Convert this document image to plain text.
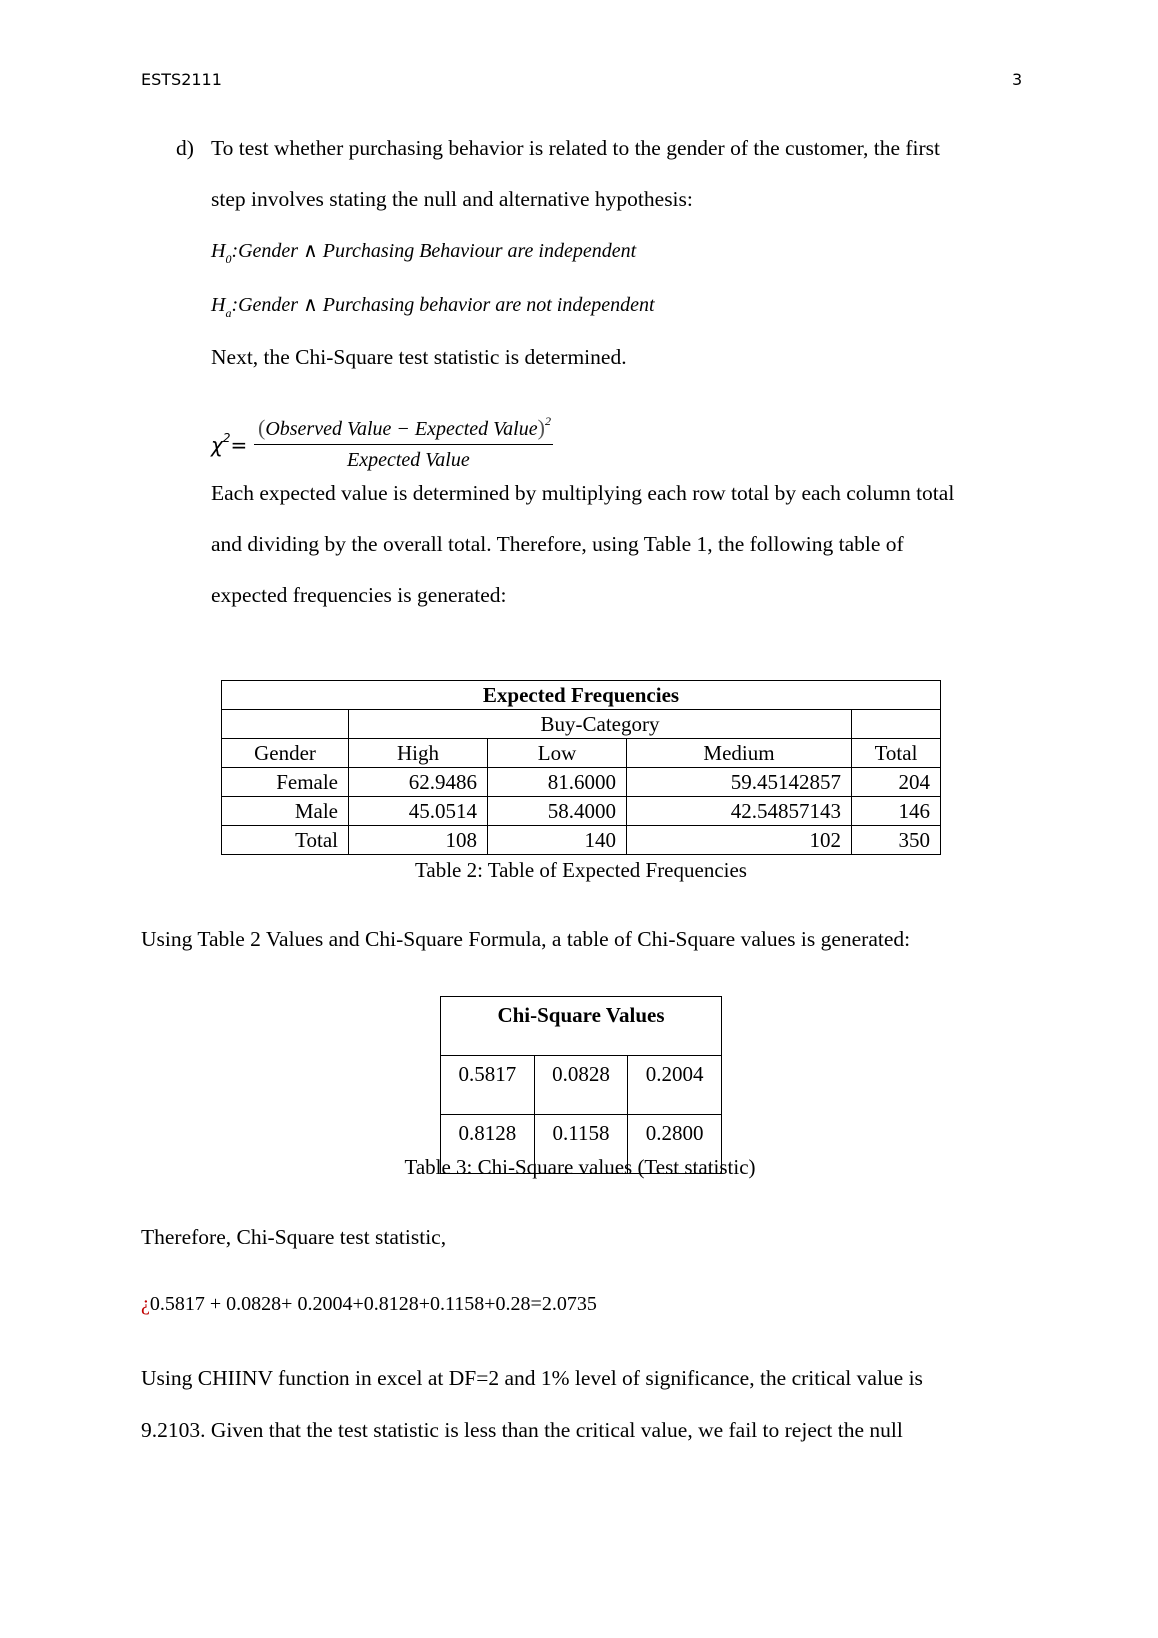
ESTS2111	3
d) To test whether purchasing behavior is related to the gender of the customer, the first
step involves stating the null and alternative hypothesis:
$H_0:Gender$ ∧ Purchasing Behaviour are independent
$H_a:Gender$ ∧ Purchasing behavior are not independent
Next, the Chi-Square test statistic is determined.
$\chi^2=$
(Observed Value − Expected Value)$^2$
Expected Value
Each expected value is determined by multiplying each row total by each column total
and dividing by the overall total. Therefore, using Table 1, the following table of
expected frequencies is generated:
Expected Frequencies				
	Buy-Category			
Gender	High	Low	Medium	Total
Female	62.9486	81.6000	59.45142857	204
Male	45.0514	58.4000	42.54857143	146
Total	108	140	102	350
Table 2: Table of Expected Frequencies
Using Table 2 Values and Chi-Square Formula, a table of Chi-Square values is generated:
Chi-Square Values		
0.5817	0.0828	0.2004
0.8128	0.1158	0.2800
Table 3: Chi-Square values (Test statistic)
Therefore, Chi-Square test statistic,
¿0.5817 + 0.0828+ 0.2004+0.8128+0.1158+0.28=2.0735
Using CHIINV function in excel at DF=2 and 1% level of significance, the critical value is
9.2103. Given that the test statistic is less than the critical value, we fail to reject the null
